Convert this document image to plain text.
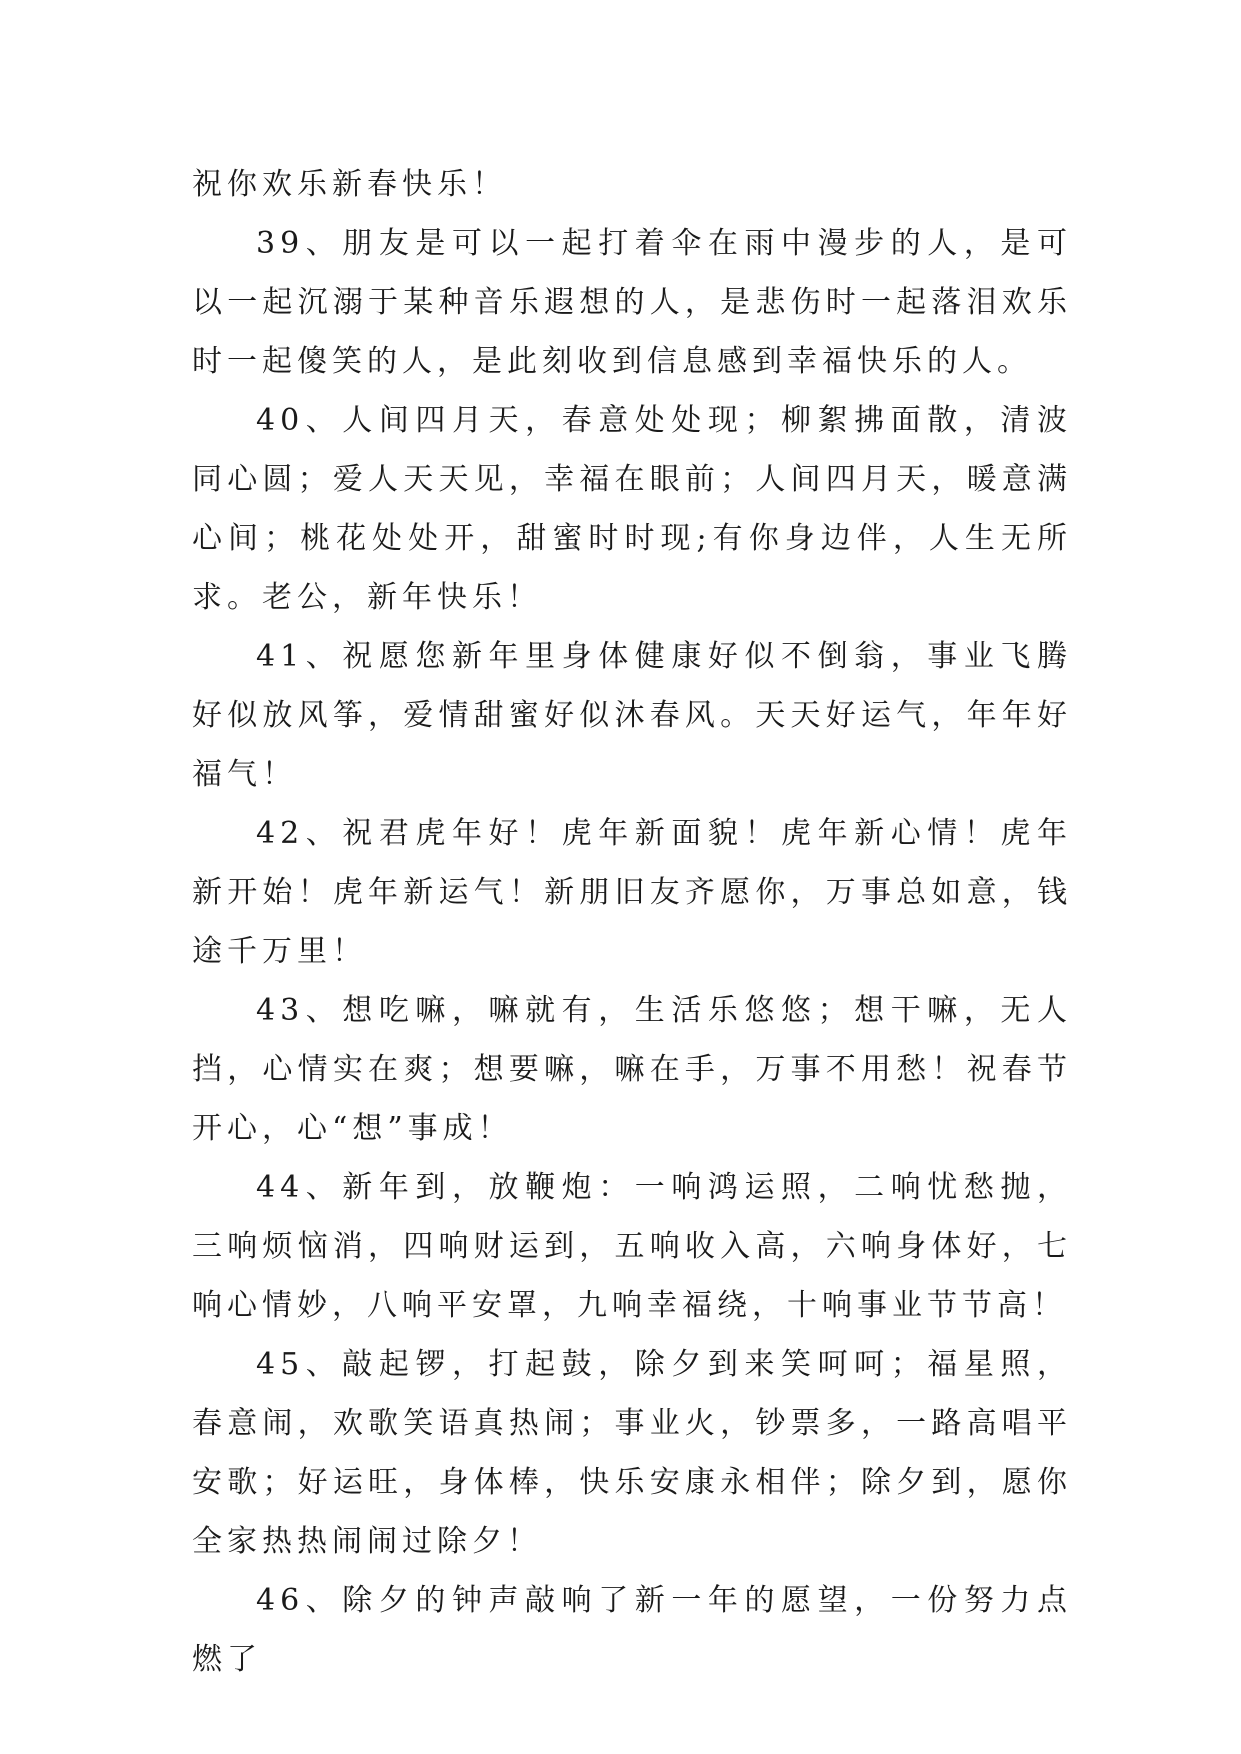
祝你欢乐新春快乐！

39、朋友是可以一起打着伞在雨中漫步的人，是可以一起沉溺于某种音乐遐想的人，是悲伤时一起落泪欢乐时一起傻笑的人，是此刻收到信息感到幸福快乐的人。

40、人间四月天，春意处处现；柳絮拂面散，清波同心圆；爱人天天见，幸福在眼前；人间四月天，暖意满心间；桃花处处开，甜蜜时时现;有你身边伴，人生无所求。老公，新年快乐！

41、祝愿您新年里身体健康好似不倒翁，事业飞腾好似放风筝，爱情甜蜜好似沐春风。天天好运气，年年好福气！

42、祝君虎年好！虎年新面貌！虎年新心情！虎年新开始！虎年新运气！新朋旧友齐愿你，万事总如意，钱途千万里！

43、想吃嘛，嘛就有，生活乐悠悠；想干嘛，无人挡，心情实在爽；想要嘛，嘛在手，万事不用愁！祝春节开心，心“想”事成！

44、新年到，放鞭炮：一响鸿运照，二响忧愁抛，三响烦恼消，四响财运到，五响收入高，六响身体好，七响心情妙，八响平安罩，九响幸福绕，十响事业节节高！

45、敲起锣，打起鼓，除夕到来笑呵呵；福星照，春意闹，欢歌笑语真热闹；事业火，钞票多，一路高唱平安歌；好运旺，身体棒，快乐安康永相伴；除夕到，愿你全家热热闹闹过除夕！

46、除夕的钟声敲响了新一年的愿望，一份努力点燃了
